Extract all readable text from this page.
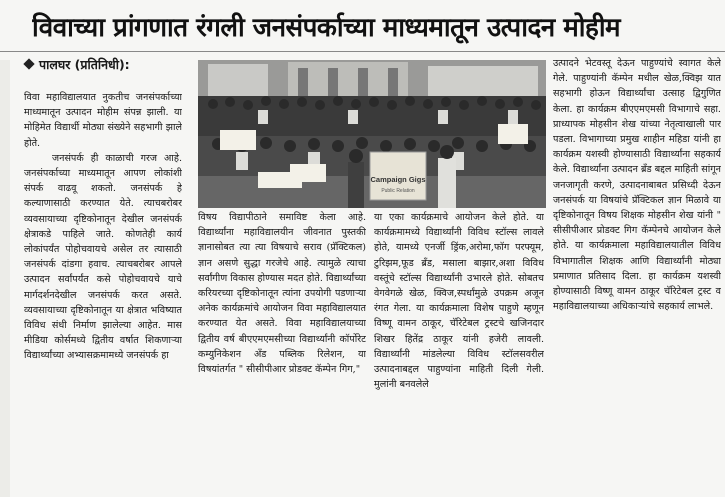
विवाच्या प्रांगणात रंगली जनसंपर्काच्या माध्यमातून उत्पादन मोहीम
पालघर (प्रतिनिधी):
Campaign Gigs
Public Relation

विवा महाविद्यालयात नुकतीच जनसंपर्काच्या माध्यमातून उत्पादन मोहीम संपन्न झाली. या मोहिमेत विद्यार्थी मोठ्या संख्येने सहभागी झाले होते.

जनसंपर्क ही काळाची गरज आहे. जनसंपर्काच्या माध्यमातून आपण लोकांशी संपर्क वाढवू शकतो. जनसंपर्क हे कल्याणासाठी करण्यात येते. त्याचबरोबर व्यवसायाच्या दृष्टिकोनातून देखील जनसंपर्क क्षेत्राकडे पाहिले जाते. कोणतेही कार्य लोकांपर्यंत पोहोचवायचे असेल तर त्यासाठी जनसंपर्क दांडगा हवाच. त्याचबरोबर आपले उत्पादन सर्वांपर्यंत कसे पोहोचवायचे याचे मार्गदर्शनदेखील जनसंपर्क करत असते. व्यवसायाच्या दृष्टिकोनातून या क्षेत्रात भविष्यात विविध संधी निर्माण झालेल्या आहेत. मास मीडिया कोर्समध्ये द्वितीय वर्षात शिकणाऱ्या विद्यार्थ्यांच्या अभ्यासक्रमामध्ये जनसंपर्क हा

विषय विद्यापीठाने समाविष्ट केला आहे. विद्यार्थ्यांना महाविद्यालयीन जीवनात पुस्तकी ज्ञानासोबत त्या त्या विषयाचे सराव (प्रॅक्टिकल) ज्ञान असणे सुद्धा गरजेचे आहे. त्यामुळे त्याचा सर्वांगीण विकास होण्यास मदत होते. विद्यार्थ्यांच्या करियरच्या दृष्टिकोनातून त्यांना उपयोगी पडणाऱ्या अनेक कार्यक्रमांचे आयोजन विवा महाविद्यालयात करण्यात येत असते. विवा महाविद्यालयाच्या द्वितीय वर्ष बीएएमएमसीच्या विद्यार्थ्यांनी कॉर्पोरेट कम्युनिकेशन अँड पब्लिक रिलेशन, या विषयांतर्गत " सीसीपीआर प्रोडक्ट कॅम्पेन गिग,"

या एका कार्यक्रमाचे आयोजन केले होते. या कार्यक्रमामध्ये विद्यार्थ्यांनी विविध स्टॉल्स लावले होते, यामध्ये एनर्जी ड्रिंक,अरोमा,फॉग परफ्यूम, टुरिझम,फूड ब्रँड, मसाला बाझार,अशा विविध वस्तूंचे स्टॉल्स विद्यार्थ्यांनी उभारले होते. सोबतच वेगवेगळे खेळ, क्विज,स्पर्धांमुळे उपक्रम अजून रंगत गेला. या कार्यक्रमाला विशेष पाहुणे म्हणून विष्णू वामन ठाकूर, चॅरिटेबल ट्रस्टचे खजिनदार शिखर हितेंद्र ठाकूर यांनी हजेरी लावली. विद्यार्थ्यांनी मांडलेल्या विविध स्टॉलसवरील उत्पादनाबद्दल पाहुण्यांना माहिती दिली गेली. मुलांनी बनवलेले

उत्पादने भेटवस्तू देऊन पाहुण्यांचे स्वागत केले गेले. पाहुण्यांनी कॅम्पेन मधील खेळ,क्विझ यात सहभागी होऊन विद्यार्थ्यांचा उत्साह द्विगुणित केला. हा कार्यक्रम बीएएमएमसी विभागाचे सहा. प्राध्यापक मोहसीन शेख यांच्या नेतृत्वाखाली पार पडला. विभागाच्या प्रमुख शाहीन महिडा यांनी हा कार्यक्रम यशस्वी होण्यासाठी विद्यार्थ्यांना सहकार्य केले. विद्यार्थ्यांना उत्पादन ब्रँड बद्दल माहिती सांगून जनजागृती करणे, उत्पादनाबाबत प्रसिध्दी देऊन जनसंपर्क या विषयांचे प्रॅक्टिकल ज्ञान मिळावे या दृष्टिकोनातून विषय शिक्षक मोहसीन शेख यांनी " सीसीपीआर प्रोडक्ट गिग कॅम्पेनचे आयोजन केले होते. या कार्यक्रमाला महाविद्यालयातील विविध विभागातील शिक्षक आणि विद्यार्थ्यांनी मोठ्या प्रमाणात प्रतिसाद दिला. हा कार्यक्रम यशस्वी होण्यासाठी विष्णू वामन ठाकूर चॅरिटेबल ट्रस्ट व महाविद्यालयाच्या अधिकाऱ्यांचे सहकार्य लाभले.
